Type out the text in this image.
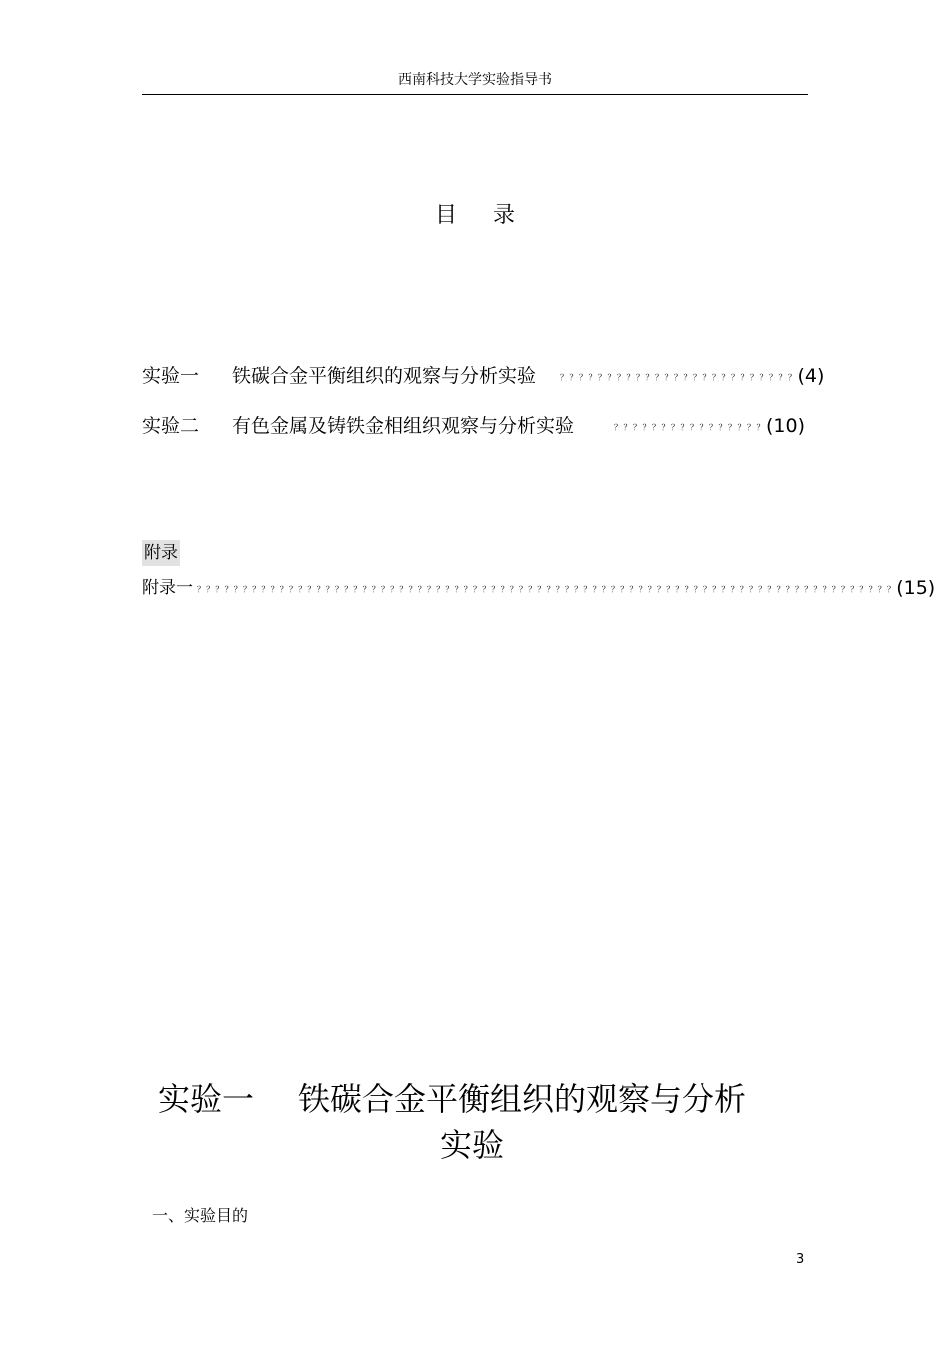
西南科技大学实验指导书
目录
实验一	铁碳合金平衡组织的观察与分析实验	？？？？？？？？？？？？？？？？？？？？？？？？？ (4)
实验二	有色金属及铸铁金相组织观察与分析实验	？？？？？？？？？？？？？？？？ (10)
附录
附录一 ？？？？？？？？？？？？？？？？？？？？？？？？？？？？？？？？？？？？？？？？？？？？？？？？？？？？？？？？？？？？？？？？？？？？？？？？？？？？ (15)
实验一	铁碳合金平衡组织的观察与分析
实验
一、实验目的
3
